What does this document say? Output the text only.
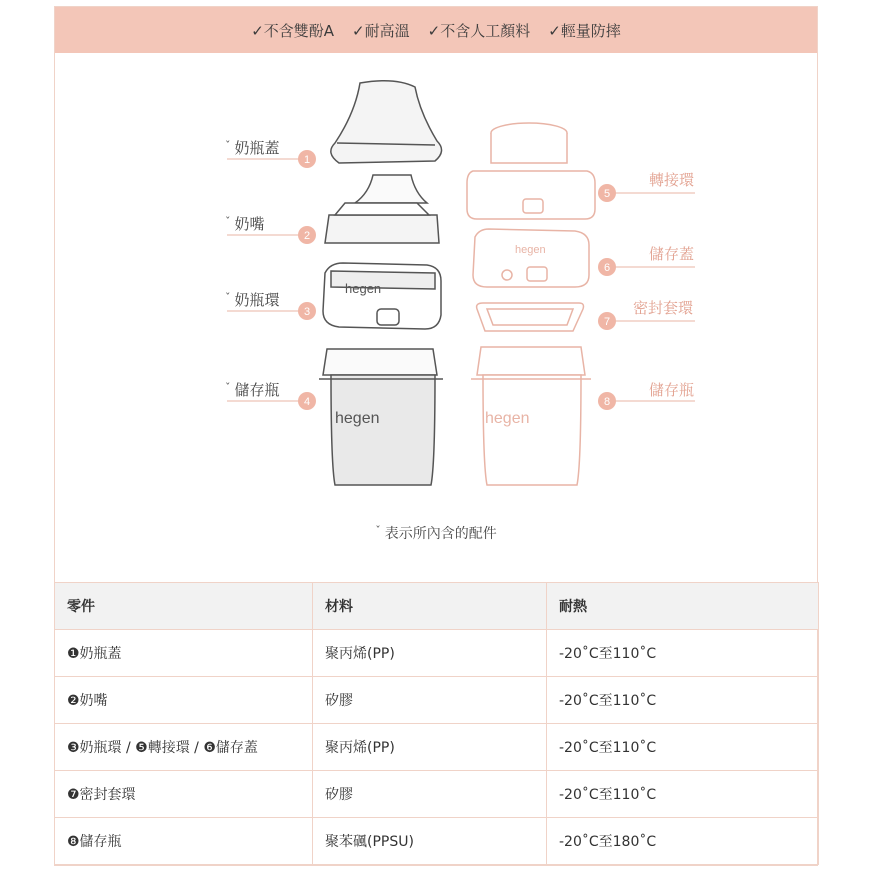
✓不含雙酚A ✓耐高溫 ✓不含人工顏料 ✓輕量防摔
1
2
3
4
5
6
7
8
hegen
hegen
hegen
hegen
$^ˇ$ 奶瓶蓋
$^ˇ$ 奶嘴
$^ˇ$ 奶瓶環
$^ˇ$ 儲存瓶
轉接環
儲存蓋
密封套環
儲存瓶
$^ˇ$ 表示所內含的配件
零件	材料	耐熱
❶奶瓶蓋	聚丙烯(PP)	-20˚C至110˚C
❷奶嘴	矽膠	-20˚C至110˚C
❸奶瓶環 / ❺轉接環 / ❻儲存蓋	聚丙烯(PP)	-20˚C至110˚C
❼密封套環	矽膠	-20˚C至110˚C
❽儲存瓶	聚苯碸(PPSU)	-20˚C至180˚C
